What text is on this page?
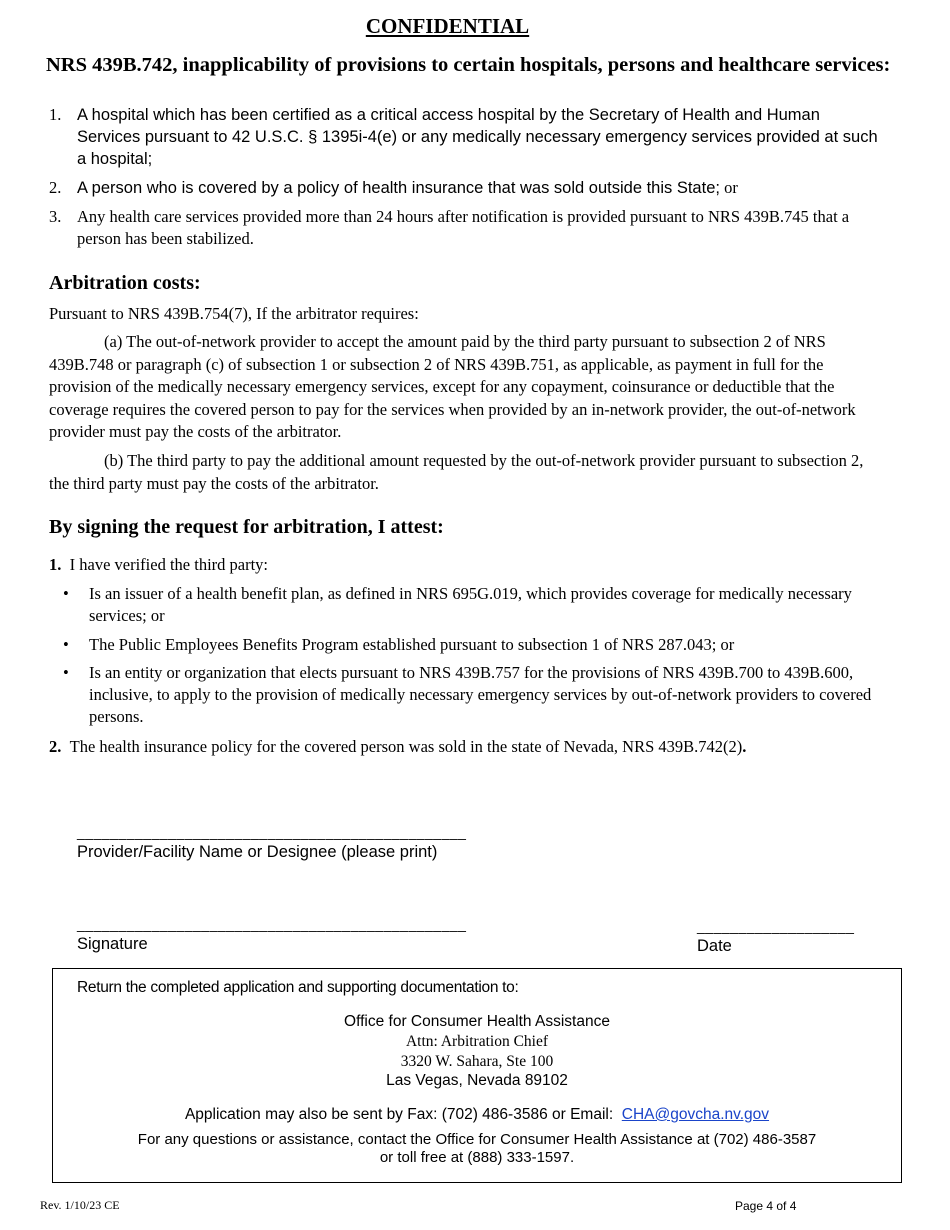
CONFIDENTIAL
NRS 439B.742, inapplicability of provisions to certain hospitals, persons and healthcare services:
1. A hospital which has been certified as a critical access hospital by the Secretary of Health and Human Services pursuant to 42 U.S.C. § 1395i-4(e) or any medically necessary emergency services provided at such a hospital;
2. A person who is covered by a policy of health insurance that was sold outside this State; or
3. Any health care services provided more than 24 hours after notification is provided pursuant to NRS 439B.745 that a person has been stabilized.
Arbitration costs:
Pursuant to NRS 439B.754(7), If the arbitrator requires:
(a) The out-of-network provider to accept the amount paid by the third party pursuant to subsection 2 of NRS 439B.748 or paragraph (c) of subsection 1 or subsection 2 of NRS 439B.751, as applicable, as payment in full for the provision of the medically necessary emergency services, except for any copayment, coinsurance or deductible that the coverage requires the covered person to pay for the services when provided by an in-network provider, the out-of-network provider must pay the costs of the arbitrator.
(b) The third party to pay the additional amount requested by the out-of-network provider pursuant to subsection 2, the third party must pay the costs of the arbitrator.
By signing the request for arbitration, I attest:
1. I have verified the third party:
• Is an issuer of a health benefit plan, as defined in NRS 695G.019, which provides coverage for medically necessary services; or
• The Public Employees Benefits Program established pursuant to subsection 1 of NRS 287.043; or
• Is an entity or organization that elects pursuant to NRS 439B.757 for the provisions of NRS 439B.700 to 439B.600, inclusive, to apply to the provision of medically necessary emergency services by out-of-network providers to covered persons.
2. The health insurance policy for the covered person was sold in the state of Nevada, NRS 439B.742(2).
_______________________________________________
Provider/Facility Name or Designee (please print)
_______________________________________________
Signature
___________________
Date
Return the completed application and supporting documentation to:
Office for Consumer Health Assistance
Attn: Arbitration Chief
3320 W. Sahara, Ste 100
Las Vegas, Nevada 89102
Application may also be sent by Fax: (702) 486-3586 or Email: CHA@govcha.nv.gov
For any questions or assistance, contact the Office for Consumer Health Assistance at (702) 486-3587
or toll free at (888) 333-1597.
Rev. 1/10/23 CE	Page 4 of 4
